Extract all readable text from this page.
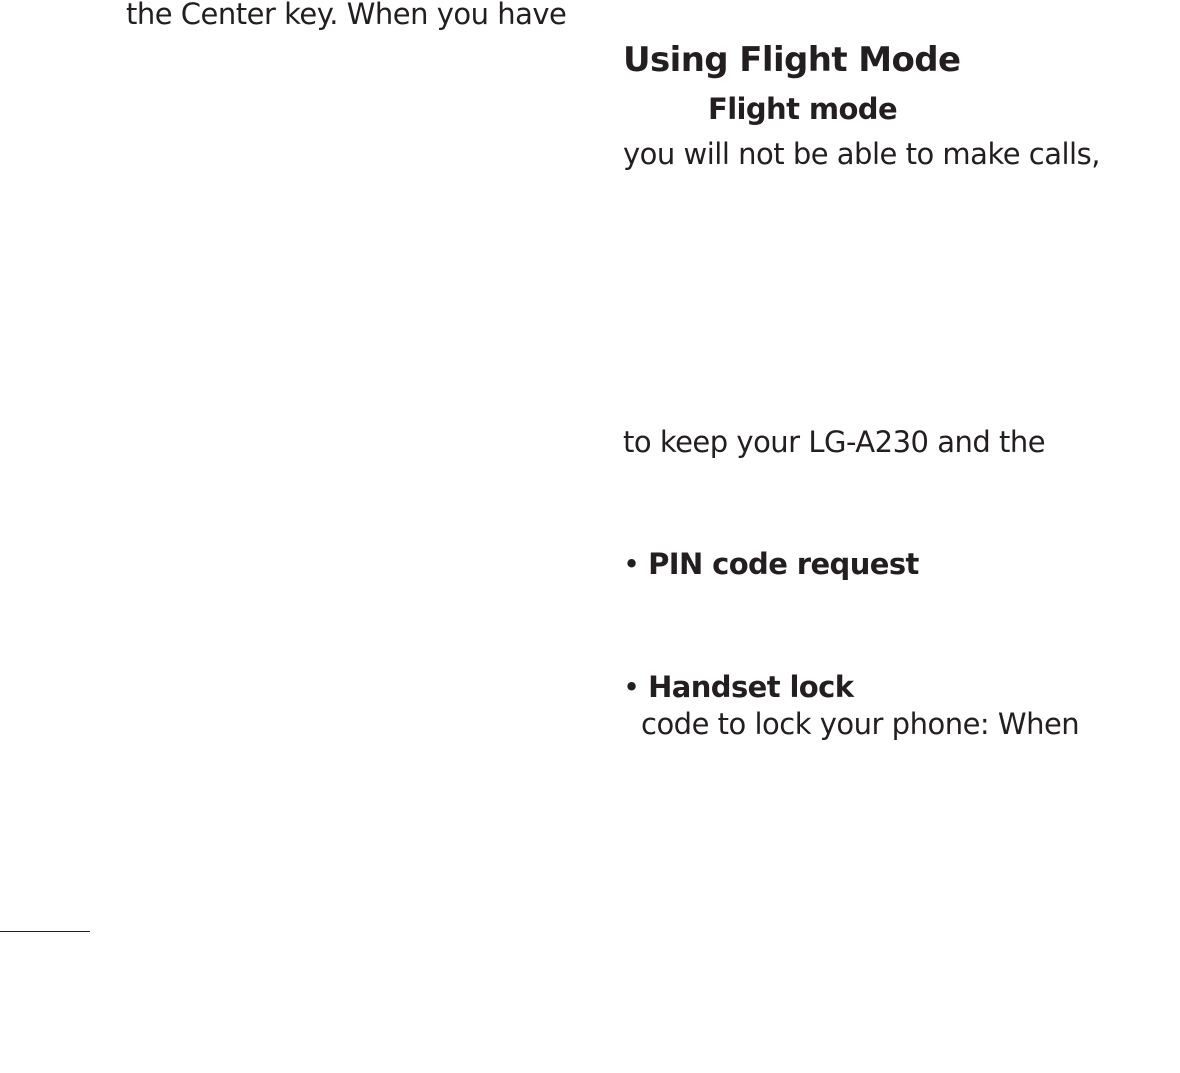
the Center key. When you have
Using Flight Mode
Flight mode
you will not be able to make calls,
to keep your LG-A230 and the
• PIN code request
• Handset lock
code to lock your phone: When
